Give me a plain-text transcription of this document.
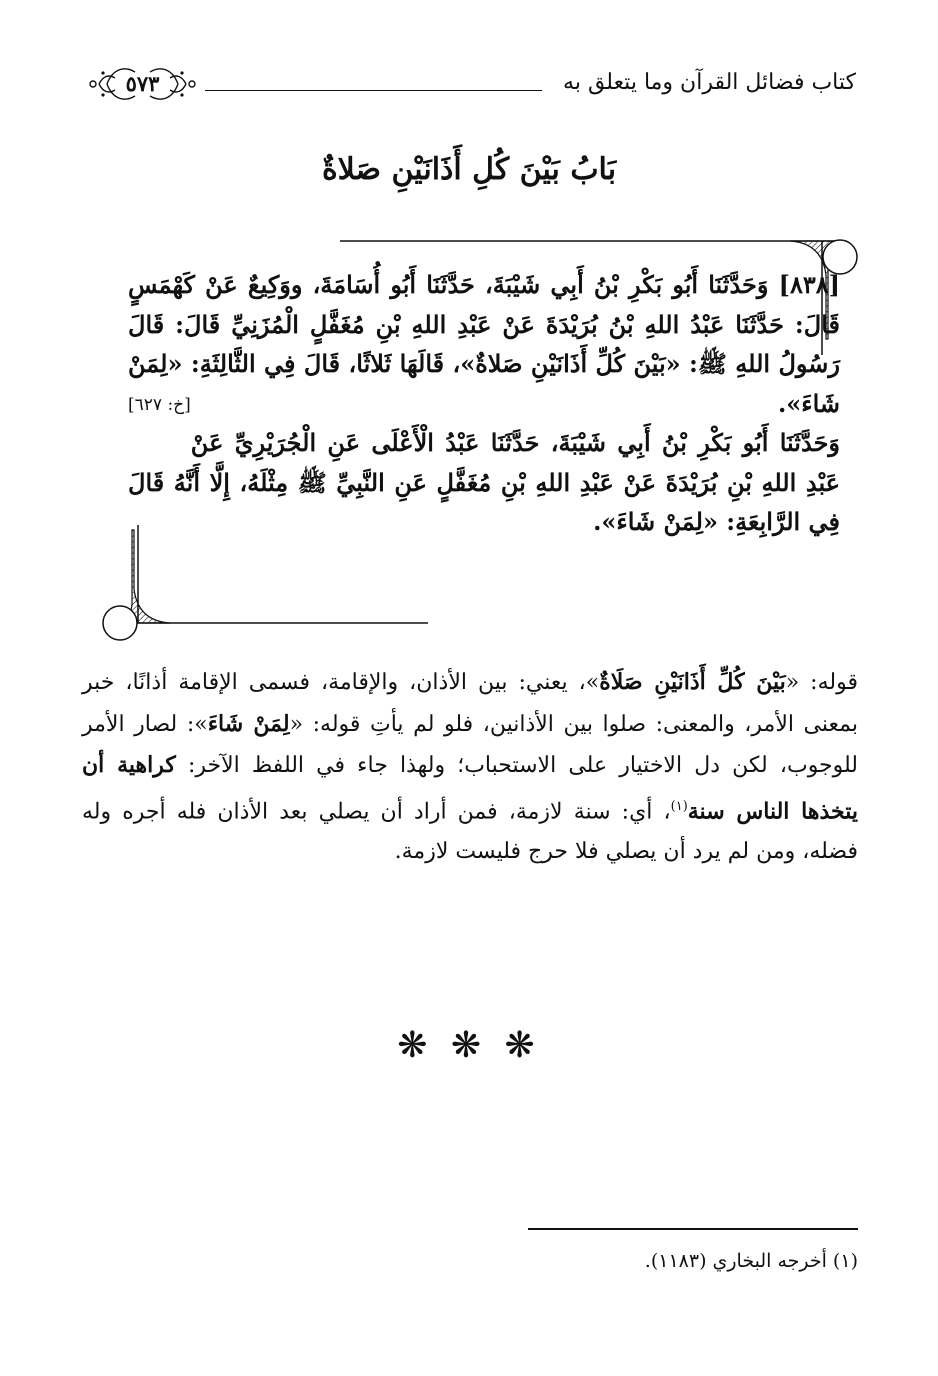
كتاب فضائل القرآن وما يتعلق به
٥٧٣
بَابُ بَيْنَ كُلِ أَذَانَيْنِ صَلاةٌ

[٨٣٨] وَحَدَّثَنَا أَبُو بَكْرِ بْنُ أَبِي شَيْبَةَ، حَدَّثَنَا أَبُو أُسَامَةَ، ووَكِيعٌ عَنْ كَهْمَسٍ قَالَ: حَدَّثَنَا عَبْدُ اللهِ بْنُ بُرَيْدَةَ عَنْ عَبْدِ اللهِ بْنِ مُغَفَّلٍ الْمُزَنِيِّ قَالَ: قَالَ رَسُولُ اللهِ ﷺ: «بَيْنَ كُلِّ أَذَانَيْنِ صَلاةٌ»، قَالَهَا ثَلاثًا، قَالَ فِي الثَّالِثَةِ: «لِمَنْ شَاءَ».
[خ: ٦٢٧]

وَحَدَّثَنَا أَبُو بَكْرِ بْنُ أَبِي شَيْبَةَ، حَدَّثَنَا عَبْدُ الْأَعْلَى عَنِ الْجُرَيْرِيِّ عَنْ عَبْدِ اللهِ بْنِ بُرَيْدَةَ عَنْ عَبْدِ اللهِ بْنِ مُغَفَّلٍ عَنِ النَّبِيِّ ﷺ مِثْلَهُ، إِلَّا أَنَّهُ قَالَ فِي الرَّابِعَةِ: «لِمَنْ شَاءَ».

قوله: «بَيْنَ كُلِّ أَذَانَيْنِ صَلَاةٌ»، يعني: بين الأذان، والإقامة، فسمى الإقامة أذانًا، خبر بمعنى الأمر، والمعنى: صلوا بين الأذانين، فلو لم يأتِ قوله: «لِمَنْ شَاءَ»: لصار الأمر للوجوب، لكن دل الاختيار على الاستحباب؛ ولهذا جاء في اللفظ الآخر: كراهية أن يتخذها الناس سنة$^{(١)}$، أي: سنة لازمة، فمن أراد أن يصلي بعد الأذان فله أجره وله فضله، ومن لم يرد أن يصلي فلا حرج فليست لازمة.
❋ ❋ ❋
(١) أخرجه البخاري (١١٨٣).
